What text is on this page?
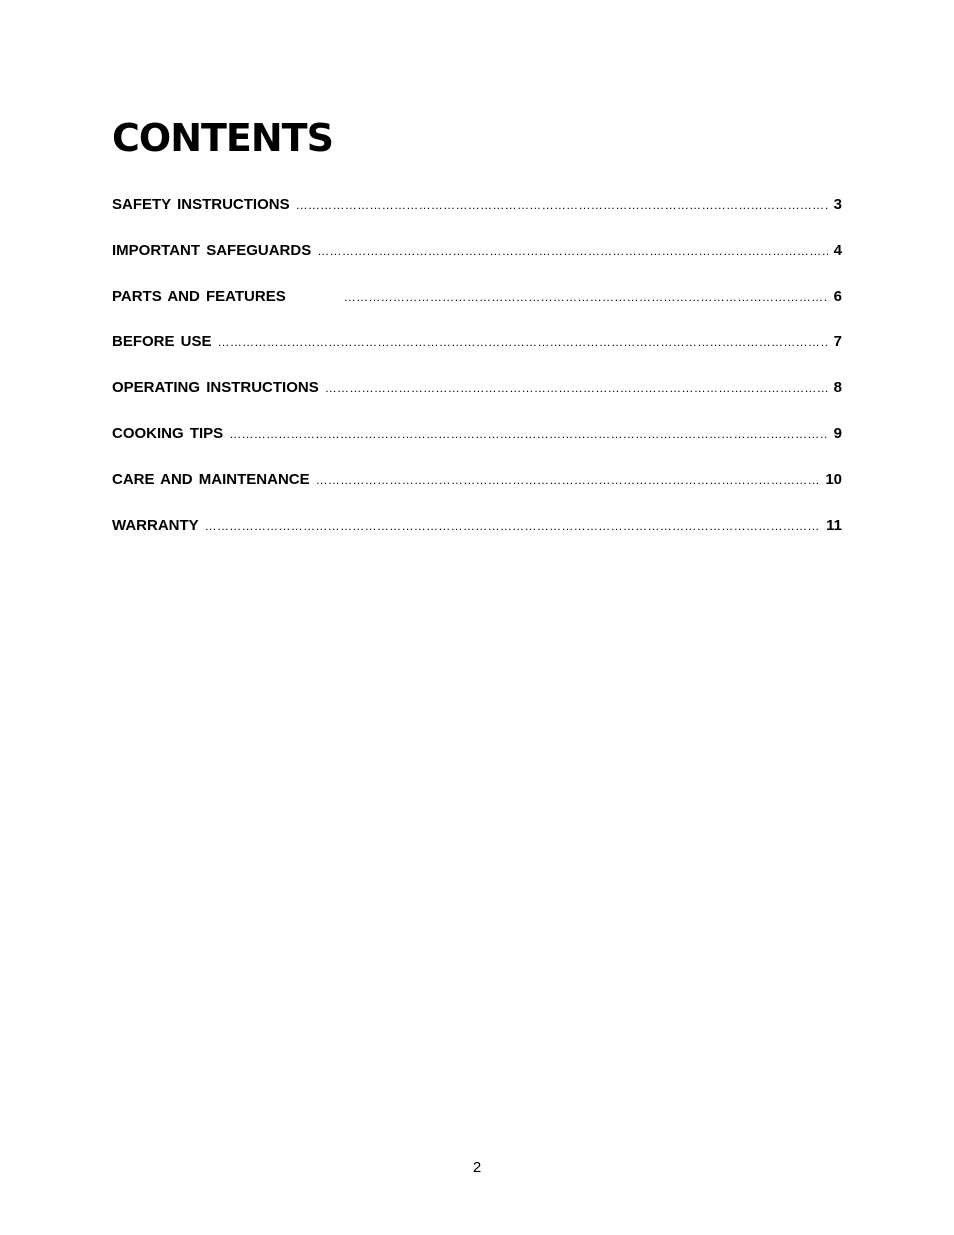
CONTENTS
SAFETY INSTRUCTIONS ……………………………………………………………………………………………………………………………………………………………………………………………………	3
IMPORTANT SAFEGUARDS ……………………………………………………………………………………………………………………………………………………………………………………………………	4
PARTS AND FEATURES ……………………………………………………………………………………………………………………………………………………………………………………………………	6
BEFORE USE ……………………………………………………………………………………………………………………………………………………………………………………………………	7
OPERATING INSTRUCTIONS ……………………………………………………………………………………………………………………………………………………………………………………………………	8
COOKING TIPS ……………………………………………………………………………………………………………………………………………………………………………………………………	9
CARE AND MAINTENANCE ……………………………………………………………………………………………………………………………………………………………………………………………………	10
WARRANTY ……………………………………………………………………………………………………………………………………………………………………………………………………	11
2
